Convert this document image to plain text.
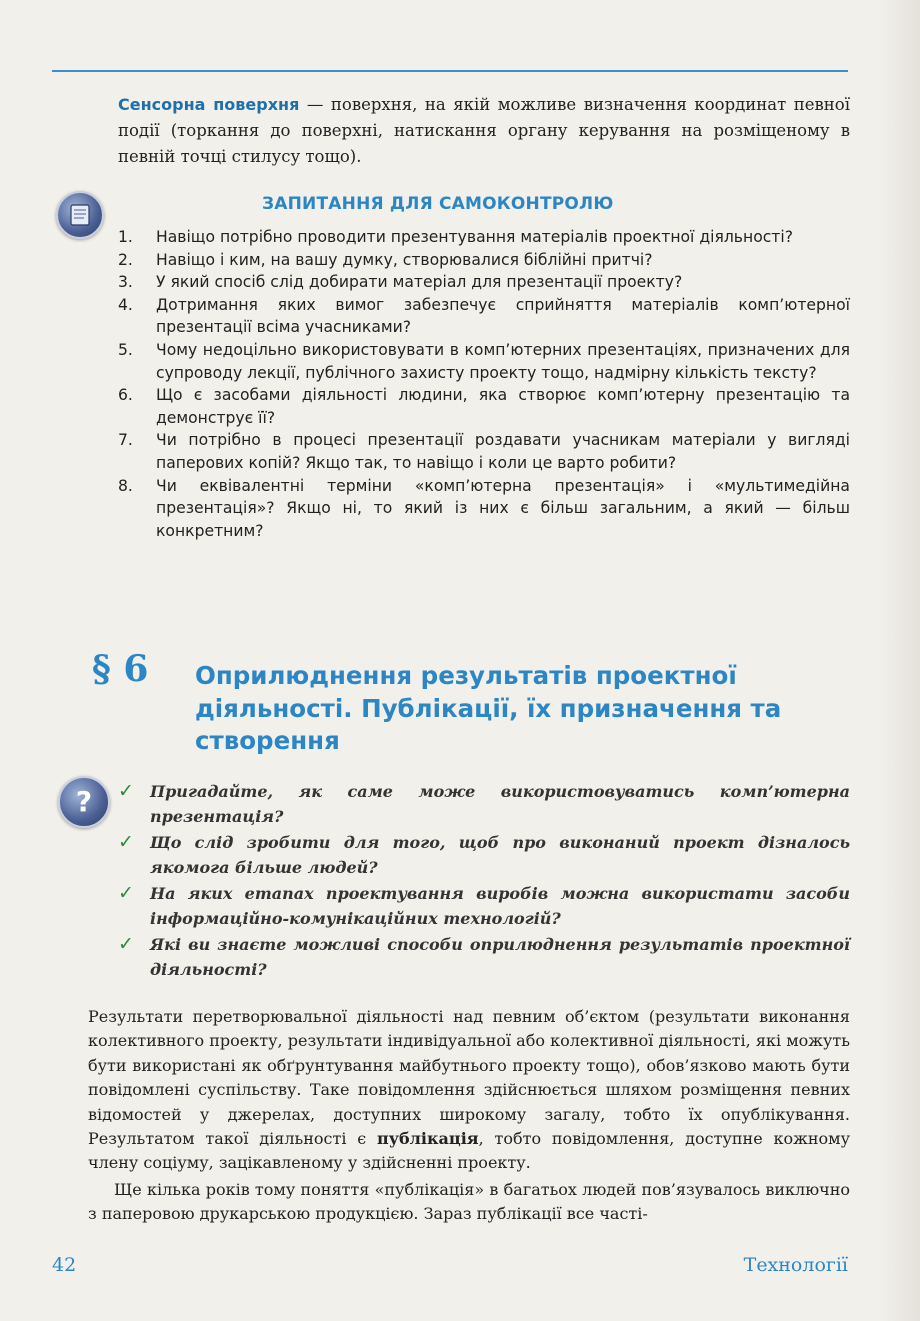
Сенсорна поверхня — поверхня, на якій можливе визначення координат певної події (торкання до поверхні, натискання органу керування на розміщеному в певній точці стилусу тощо).
ЗАПИТАННЯ ДЛЯ САМОКОНТРОЛЮ
1.	Навіщо потрібно проводити презентування матеріалів проектної діяльності?
2.	Навіщо і ким, на вашу думку, створювалися біблійні притчі?
3.	У який спосіб слід добирати матеріал для презентації проекту?
4.	Дотримання яких вимог забезпечує сприйняття матеріалів комп’ютерної презентації всіма учасниками?
5.	Чому недоцільно використовувати в комп’ютерних презентаціях, призначених для супроводу лекції, публічного захисту проекту тощо, надмірну кількість тексту?
6.	Що є засобами діяльності людини, яка створює комп’ютерну презентацію та демонструє її?
7.	Чи потрібно в процесі презентації роздавати учасникам матеріали у вигляді паперових копій? Якщо так, то навіщо і коли це варто робити?
8.	Чи еквівалентні терміни «комп’ютерна презентація» і «мультимедійна презентація»? Якщо ні, то який із них є більш загальним, а який — більш конкретним?
§ 6 Оприлюднення результатів проектної діяльності. Публікації, їх призначення та створення
?	✓	Пригадайте, як саме може використовуватись комп’ютерна презентація?
✓	Що слід зробити для того, щоб про виконаний проект дізналось якомога більше людей?
✓	На яких етапах проектування виробів можна використати засоби інформаційно-комунікаційних технологій?
✓	Які ви знаєте можливі способи оприлюднення результатів проектної діяльності?

Результати перетворювальної діяльності над певним об’єктом (результати виконання колективного проекту, результати індивідуальної або колективної діяльності, які можуть бути використані як обґрунтування майбутнього проекту тощо), обов’язково мають бути повідомлені суспільству. Таке повідомлення здійснюється шляхом розміщення певних відомостей у джерелах, доступних широкому загалу, тобто їх опублікування. Результатом такої діяльності є публікація, тобто повідомлення, доступне кожному члену соціуму, зацікавленому у здійсненні проекту.

Ще кілька років тому поняття «публікація» в багатьох людей пов’язувалось виключно з паперовою друкарською продукцією. Зараз публікації все часті-

42	Технології
